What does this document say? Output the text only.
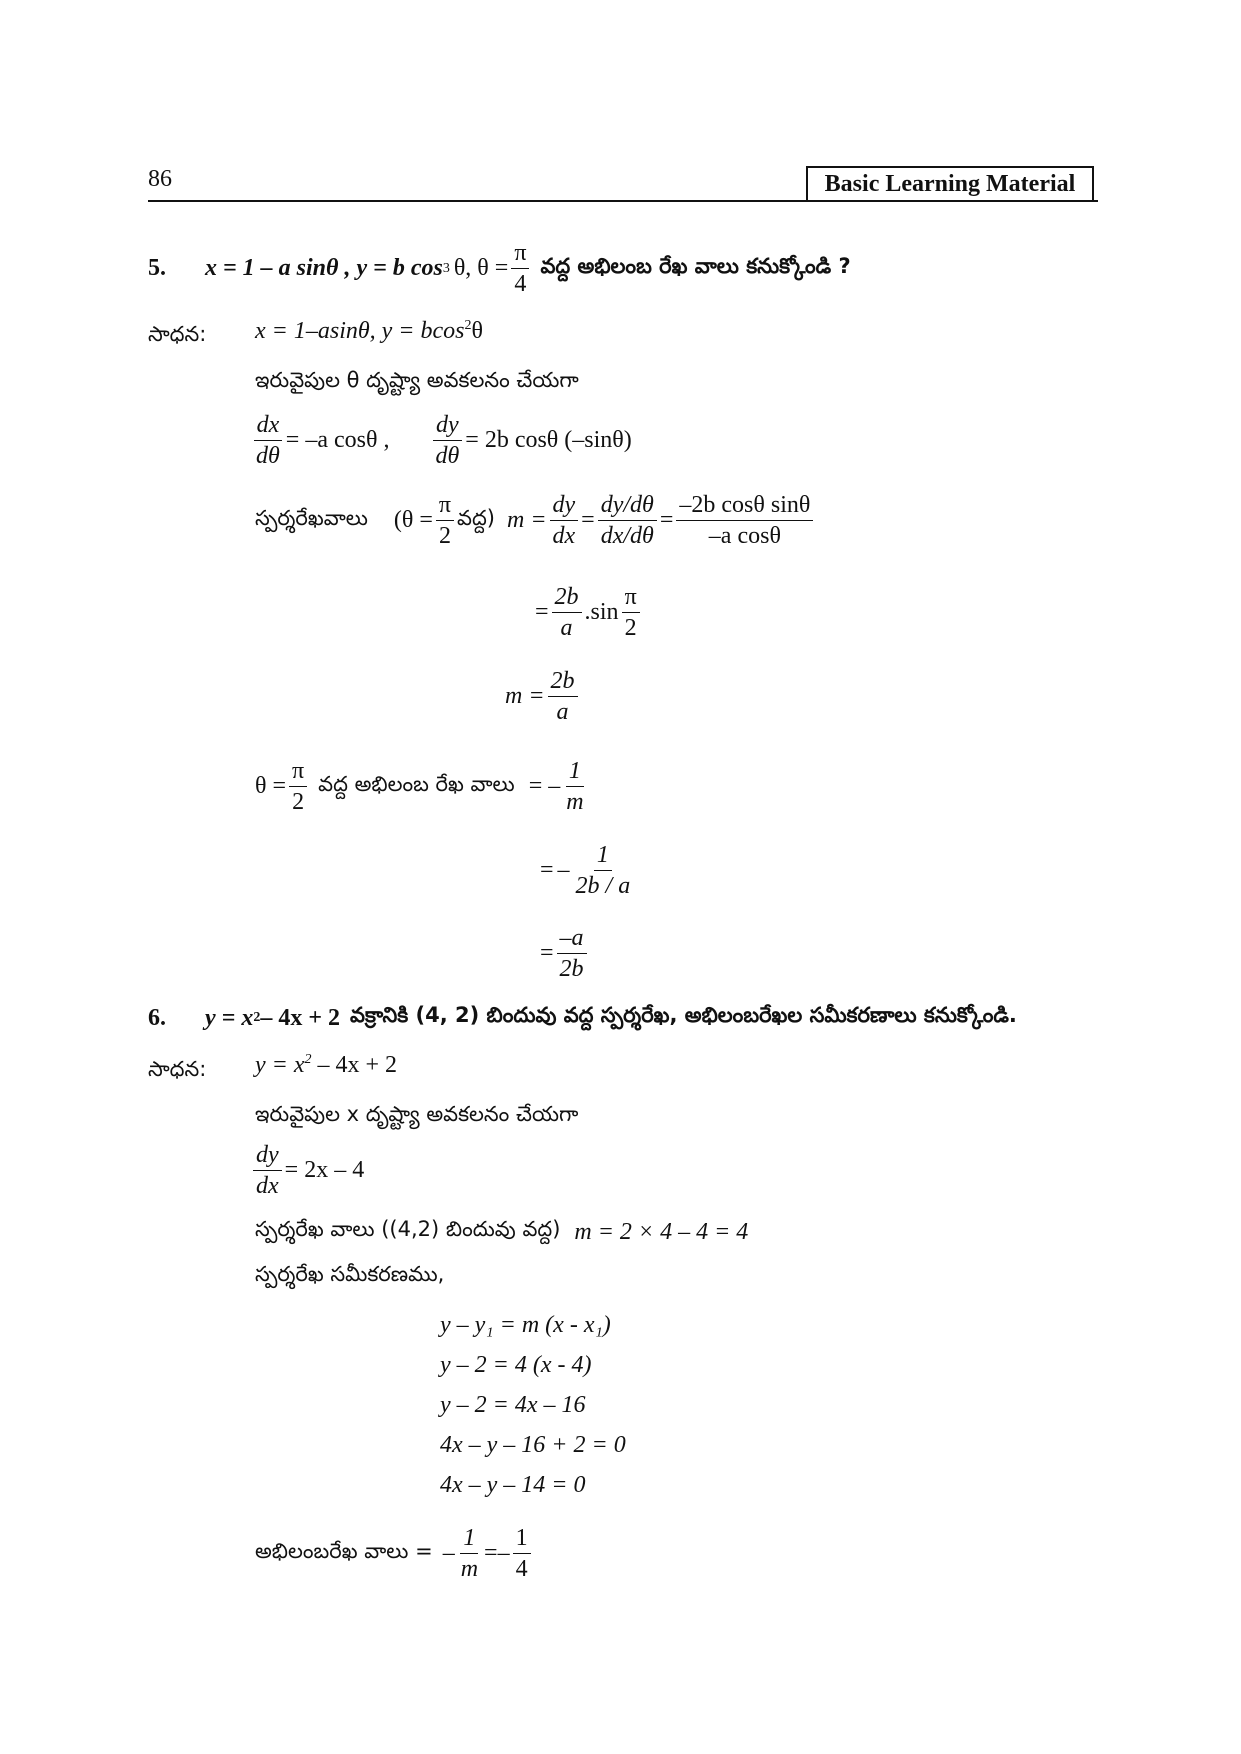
86	Basic Learning Material
5. x = 1 – a sinθ , y = b cos 3 θ, $\theta = \frac{\pi}{4}$ వద్ద అభిలంబ రేఖ వాలు కనుక్కోండి ?
సాధన: x = 1–asinθ, y = bcos$^2$θ
ఇరువైపుల θ దృష్ట్యా అవకలనం చేయగా
$\frac{dx}{d\theta} = -a$ cosθ , $\frac{dy}{d\theta} = 2b$ cosθ (–sinθ)
స్పర్శరేఖవాలు ($\theta = \frac{\pi}{2}$ వద్ద) $m = \frac{dy}{dx} = \frac{dy/d\theta}{dx/d\theta} = \frac{\text{–2b cosθ sinθ}}{\text{–a cosθ}}$
= $\frac{2b}{a} .\sin \frac{\pi}{2}$
$m = \frac{2b}{a}$
$\theta = \frac{\pi}{2}$ వద్ద అభిలంబ రేఖ వాలు = – $\frac{1}{m}$
= – $\frac{1}{2b / a}$
= $\frac{-a}{2b}$
6. y = x 2 – 4x + 2 వక్రానికి (4, 2) బిందువు వద్ద స్పర్శరేఖ, అభిలంబరేఖల సమీకరణాలు కనుక్కోండి.
సాధన: $y = x^2 - 4x + 2$
ఇరువైపుల x దృష్ట్యా అవకలనం చేయగా
$\frac{dy}{dx} = 2x - 4$
స్పర్శరేఖ వాలు ((4,2) బిందువు వద్ద) m = 2 × 4 – 4 = 4
స్పర్శరేఖ సమీకరణము,
y – y₁ = m (x - x₁)
y – 2 = 4 (x - 4)
y – 2 = 4x – 16
4x – y – 16 + 2 = 0
4x – y – 14 = 0
అభిలంబరేఖ వాలు = – $\frac{1}{m}$ = – $\frac{1}{4}$
